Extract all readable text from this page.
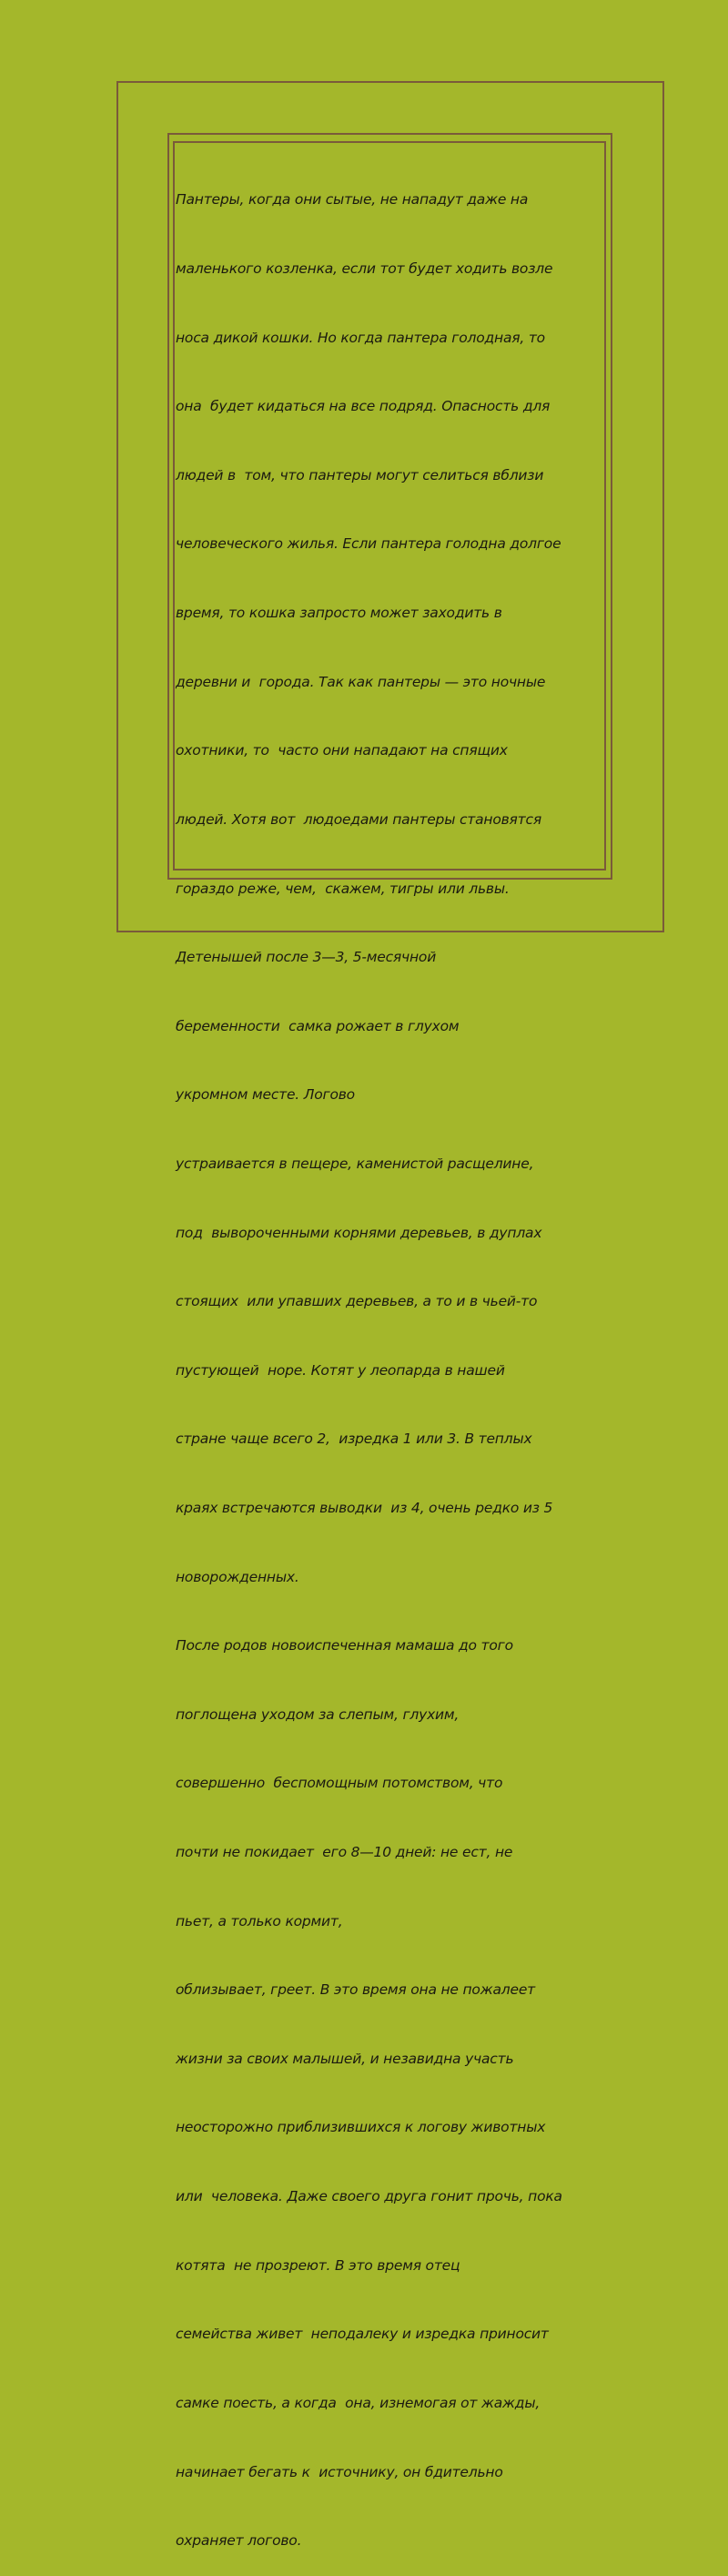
Пантеры, когда они сытые, не нападут даже на

маленького козленка, если тот будет ходить возле

носа дикой кошки. Но когда пантера голодная, то

она  будет кидаться на все подряд. Опасность для

людей в  том, что пантеры могут селиться вблизи

человеческого жилья. Если пантера голодна долгое

время, то кошка запросто может заходить в

деревни и  города. Так как пантеры — это ночные

охотники, то  часто они нападают на спящих

людей. Хотя вот  людоедами пантеры становятся

гораздо реже, чем,  скажем, тигры или львы.

Детенышей после 3—3, 5-месячной

беременности  самка рожает в глухом

укромном месте. Логово

устраивается в пещере, каменистой расщелине,

под  вывороченными корнями деревьев, в дуплах

стоящих  или упавших деревьев, а то и в чьей-то

пустующей  норе. Котят у леопарда в нашей

стране чаще всего 2,  изредка 1 или 3. В теплых

краях встречаются выводки  из 4, очень редко из 5

новорожденных.

После родов новоиспеченная мамаша до того

поглощена уходом за слепым, глухим,

совершенно  беспомощным потомством, что

почти не покидает  его 8—10 дней: не ест, не

пьет, а только кормит,

облизывает, греет. В это время она не пожалеет

жизни за своих малышей, и незавидна участь

неосторожно приблизившихся к логову животных

или  человека. Даже своего друга гонит прочь, пока

котята  не прозреют. В это время отец

семейства живет  неподалеку и изредка приносит

самке поесть, а когда  она, изнемогая от жажды,

начинает бегать к  источнику, он бдительно

охраняет логово.
